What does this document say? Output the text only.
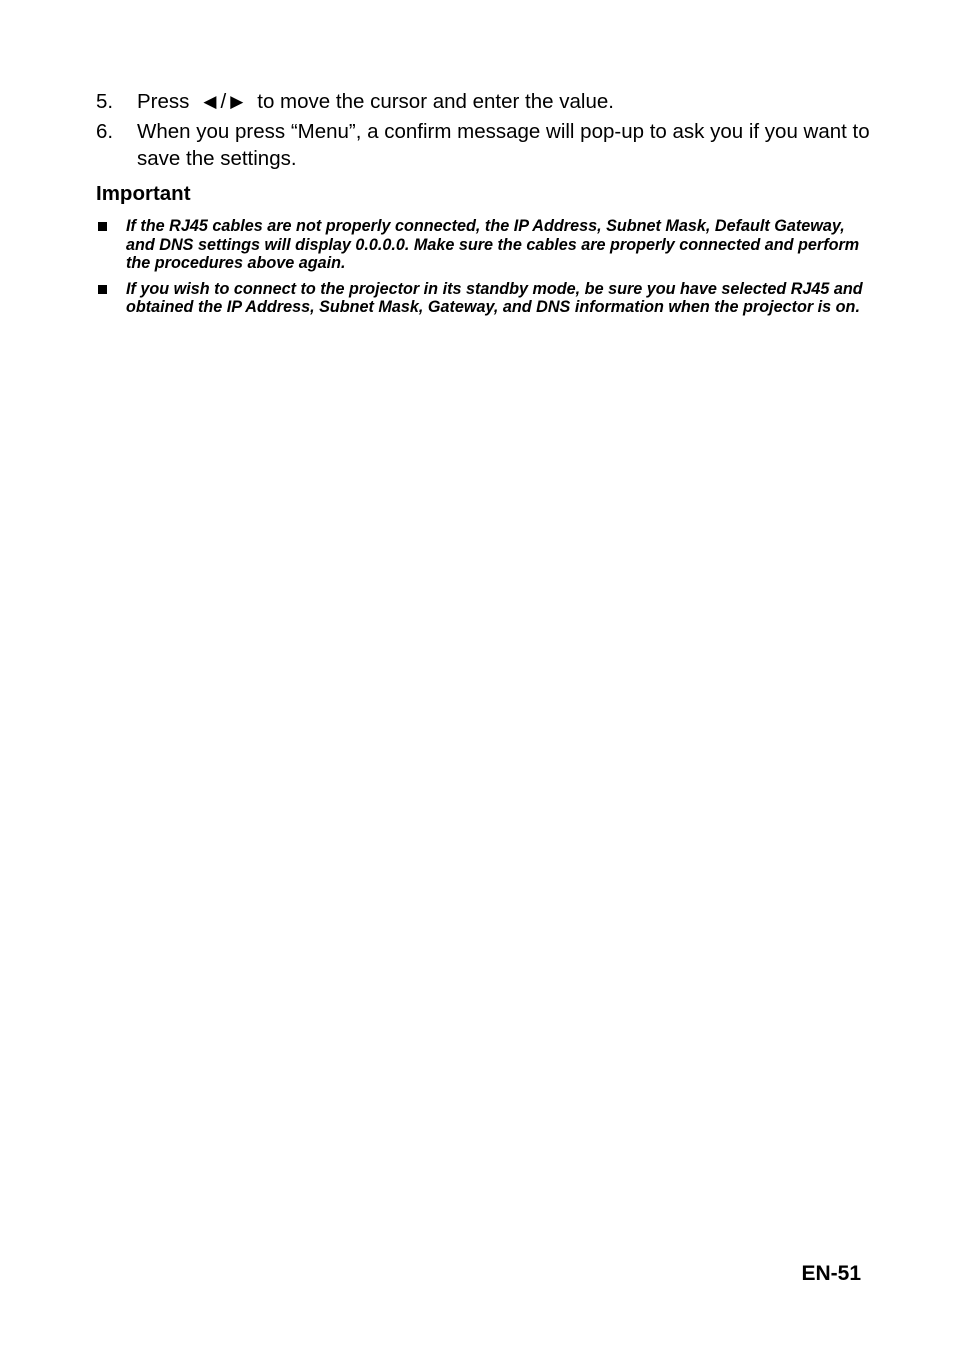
5. Press ◀ / ▶ to move the cursor and enter the value.
6. When you press “Menu”, a confirm message will pop-up to ask you if you want to save the settings.
Important
If the RJ45 cables are not properly connected, the IP Address, Subnet Mask, Default Gateway, and DNS settings will display 0.0.0.0. Make sure the cables are properly connected and perform the procedures above again.
If you wish to connect to the projector in its standby mode, be sure you have selected RJ45 and obtained the IP Address, Subnet Mask, Gateway, and DNS information when the projector is on.
EN-51
